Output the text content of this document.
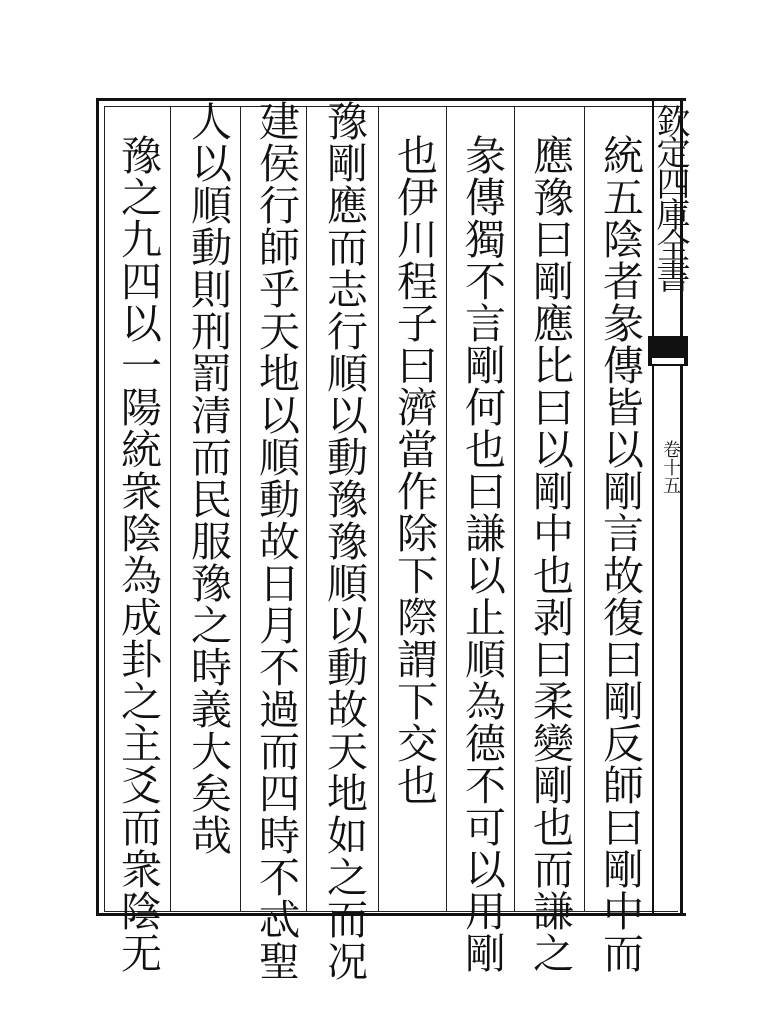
欽定四庫全書
卷十五
統五陰者彖傳皆以剛言故復曰剛反師曰剛中而
應豫曰剛應比曰以剛中也剥曰柔變剛也而謙之
彖傳獨不言剛何也曰謙以止順為德不可以用剛
也伊川程子曰濟當作除下際謂下交也
豫剛應而志行順以動豫豫順以動故天地如之而况
建侯行師乎天地以順動故日月不過而四時不忒聖
人以順動則刑罰清而民服豫之時義大矣哉
豫之九四以一陽統衆陰為成卦之主爻而衆陰无
